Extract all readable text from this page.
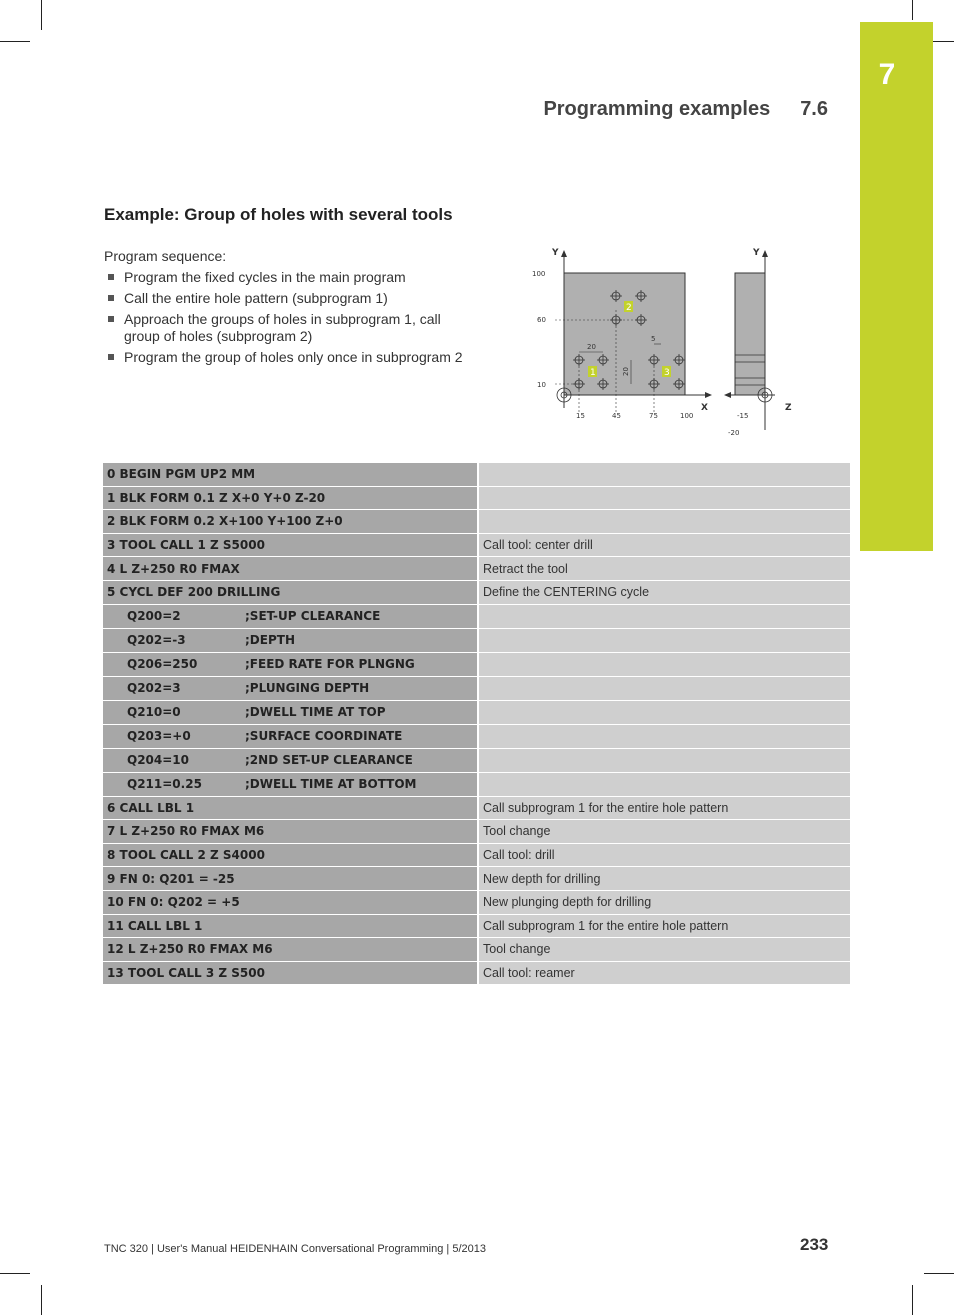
7
Programming examples 7.6
Example: Group of holes with several tools
Program sequence:
Program the fixed cycles in the main program
Call the entire hole pattern (subprogram 1)
Approach the groups of holes in subprogram 1, call group of holes (subprogram 2)
Program the group of holes only once in subprogram 2
1
2
3
Y
X
Y
Z
100
60
10
15	45	75	100
20
20
5
-15
-20
0 BEGIN PGM UP2 MM	
1 BLK FORM 0.1 Z X+0 Y+0 Z-20	
2 BLK FORM 0.2 X+100 Y+100 Z+0	
3 TOOL CALL 1 Z S5000	Call tool: center drill
4 L Z+250 R0 FMAX	Retract the tool
5 CYCL DEF 200 DRILLING	Define the CENTERING cycle
Q200=2 ;SET-UP CLEARANCE	
Q202=-3 ;DEPTH	
Q206=250 ;FEED RATE FOR PLNGNG	
Q202=3 ;PLUNGING DEPTH	
Q210=0 ;DWELL TIME AT TOP	
Q203=+0 ;SURFACE COORDINATE	
Q204=10 ;2ND SET-UP CLEARANCE	
Q211=0.25 ;DWELL TIME AT BOTTOM	
6 CALL LBL 1	Call subprogram 1 for the entire hole pattern
7 L Z+250 R0 FMAX M6	Tool change
8 TOOL CALL 2 Z S4000	Call tool: drill
9 FN 0: Q201 = -25	New depth for drilling
10 FN 0: Q202 = +5	New plunging depth for drilling
11 CALL LBL 1	Call subprogram 1 for the entire hole pattern
12 L Z+250 R0 FMAX M6	Tool change
13 TOOL CALL 3 Z S500	Call tool: reamer
TNC 320 | User's Manual HEIDENHAIN Conversational Programming | 5/2013	233
